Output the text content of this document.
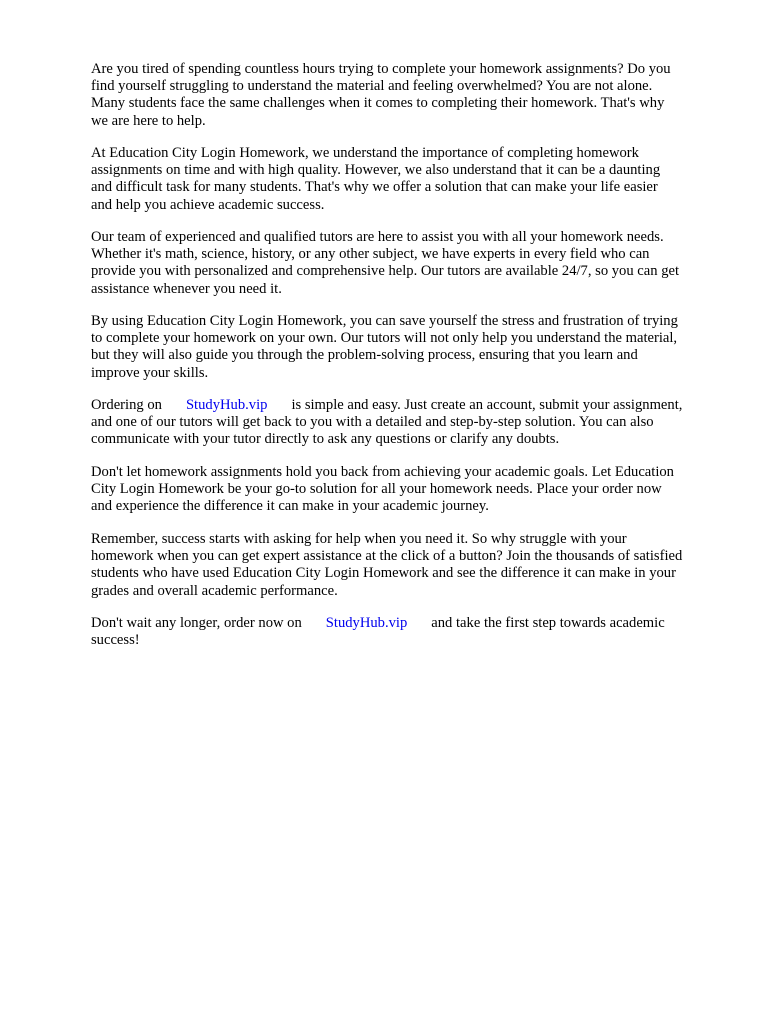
Are you tired of spending countless hours trying to complete your homework assignments? Do you
find yourself struggling to understand the material and feeling overwhelmed? You are not alone.
Many students face the same challenges when it comes to completing their homework. That's why
we are here to help.

At Education City Login Homework, we understand the importance of completing homework
assignments on time and with high quality. However, we also understand that it can be a daunting
and difficult task for many students. That's why we offer a solution that can make your life easier
and help you achieve academic success.

Our team of experienced and qualified tutors are here to assist you with all your homework needs.
Whether it's math, science, history, or any other subject, we have experts in every field who can
provide you with personalized and comprehensive help. Our tutors are available 24/7, so you can get
assistance whenever you need it.

By using Education City Login Homework, you can save yourself the stress and frustration of trying
to complete your homework on your own. Our tutors will not only help you understand the material,
but they will also guide you through the problem-solving process, ensuring that you learn and
improve your skills.

Ordering on StudyHub.vip is simple and easy. Just create an account, submit your assignment,
and one of our tutors will get back to you with a detailed and step-by-step solution. You can also
communicate with your tutor directly to ask any questions or clarify any doubts.

Don't let homework assignments hold you back from achieving your academic goals. Let Education
City Login Homework be your go-to solution for all your homework needs. Place your order now
and experience the difference it can make in your academic journey.

Remember, success starts with asking for help when you need it. So why struggle with your
homework when you can get expert assistance at the click of a button? Join the thousands of satisfied
students who have used Education City Login Homework and see the difference it can make in your
grades and overall academic performance.

Don't wait any longer, order now on StudyHub.vip and take the first step towards academic
success!
